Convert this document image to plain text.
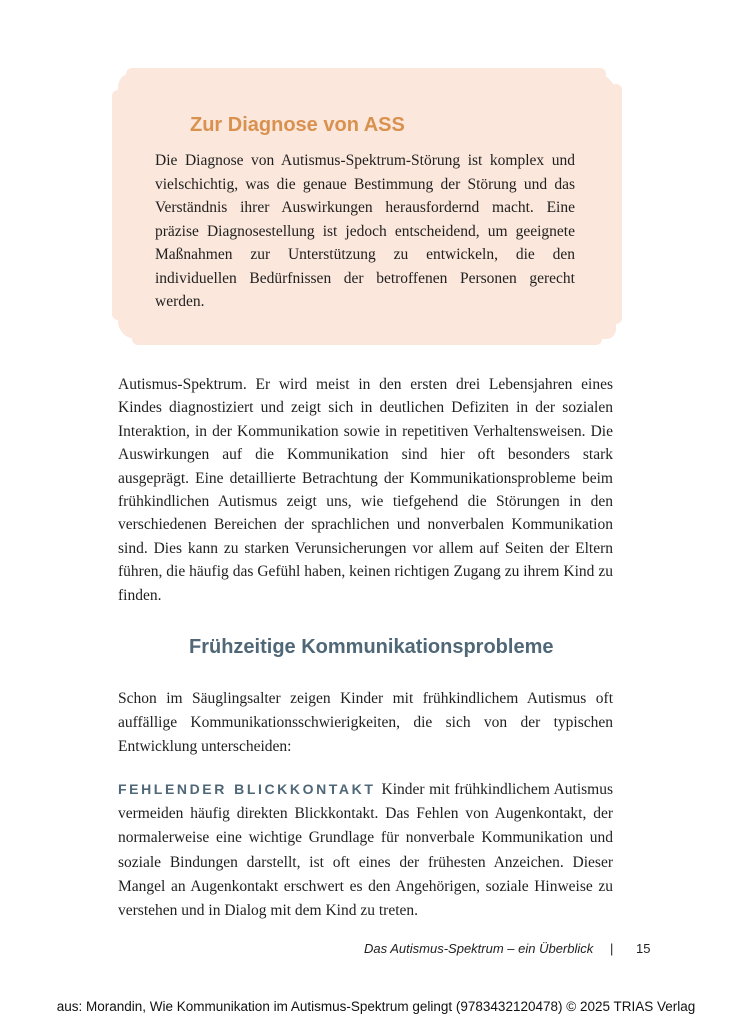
Zur Diagnose von ASS

Die Diagnose von Autismus-Spektrum-Störung ist komplex und vielschichtig, was die genaue Bestimmung der Störung und das Verständnis ihrer Auswirkungen herausfordernd macht. Eine präzise Diagnosestellung ist jedoch entscheidend, um geeignete Maßnahmen zur Unterstützung zu entwickeln, die den individuellen Bedürfnissen der betroffenen Personen gerecht werden.

Autismus-Spektrum. Er wird meist in den ersten drei Lebensjahren eines Kindes diagnostiziert und zeigt sich in deutlichen Defiziten in der sozialen Interaktion, in der Kommunikation sowie in repetitiven Verhaltensweisen. Die Auswirkungen auf die Kommunikation sind hier oft besonders stark ausgeprägt. Eine detaillierte Betrachtung der Kommunikationsprobleme beim frühkindlichen Autismus zeigt uns, wie tiefgehend die Störungen in den verschiedenen Bereichen der sprachlichen und nonverbalen Kommunikation sind. Dies kann zu starken Verunsicherungen vor allem auf Seiten der Eltern führen, die häufig das Gefühl haben, keinen richtigen Zugang zu ihrem Kind zu finden.

Frühzeitige Kommunikationsprobleme

Schon im Säuglingsalter zeigen Kinder mit frühkindlichem Autismus oft auffällige Kommunikationsschwierigkeiten, die sich von der typischen Entwicklung unterscheiden:

FEHLENDER BLICKKONTAKT Kinder mit frühkindlichem Autismus vermeiden häufig direkten Blickkontakt. Das Fehlen von Augenkontakt, der normalerweise eine wichtige Grundlage für nonverbale Kommunikation und soziale Bindungen darstellt, ist oft eines der frühesten Anzeichen. Dieser Mangel an Augenkontakt erschwert es den Angehörigen, soziale Hinweise zu verstehen und in Dialog mit dem Kind zu treten.

Das Autismus-Spektrum – ein Überblick | 15
aus: Morandin, Wie Kommunikation im Autismus-Spektrum gelingt (9783432120478) © 2025 TRIAS Verlag
